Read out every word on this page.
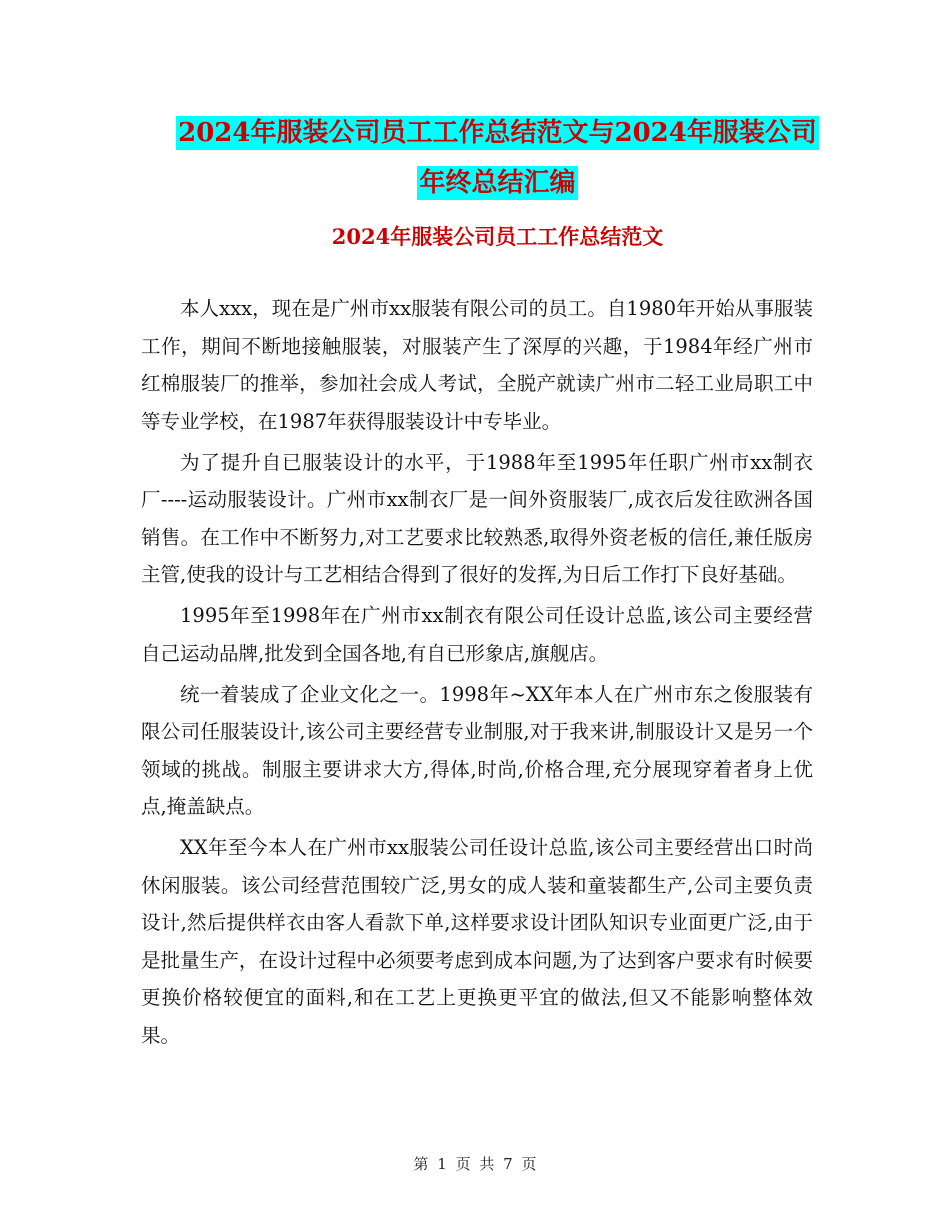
2024年服装公司员工工作总结范文与2024年服装公司
年终总结汇编
2024年服装公司员工工作总结范文

本人xxx，现在是广州市xx服装有限公司的员工。自1980年开始从事服装工作，期间不断地接触服装，对服装产生了深厚的兴趣，于1984年经广州市红棉服装厂的推举，参加社会成人考试，全脱产就读广州市二轻工业局职工中等专业学校，在1987年获得服装设计中专毕业。

为了提升自已服装设计的水平，于1988年至1995年任职广州市xx制衣厂----运动服装设计。广州市xx制衣厂是一间外资服装厂,成衣后发往欧洲各国销售。在工作中不断努力,对工艺要求比较熟悉,取得外资老板的信任,兼任版房主管,使我的设计与工艺相结合得到了很好的发挥,为日后工作打下良好基础。

1995年至1998年在广州市xx制衣有限公司任设计总监,该公司主要经营自己运动品牌,批发到全国各地,有自已形象店,旗舰店。

统一着装成了企业文化之一。1998年~XX年本人在广州市东之俊服装有限公司任服装设计,该公司主要经营专业制服,对于我来讲,制服设计又是另一个领域的挑战。制服主要讲求大方,得体,时尚,价格合理,充分展现穿着者身上优点,掩盖缺点。

XX年至今本人在广州市xx服装公司任设计总监,该公司主要经营出口时尚休闲服装。该公司经营范围较广泛,男女的成人装和童装都生产,公司主要负责设计,然后提供样衣由客人看款下单,这样要求设计团队知识专业面更广泛,由于是批量生产，在设计过程中必须要考虑到成本问题,为了达到客户要求有时候要更换价格较便宜的面料,和在工艺上更换更平宜的做法,但又不能影响整体效果。

第 1 页 共 7 页
